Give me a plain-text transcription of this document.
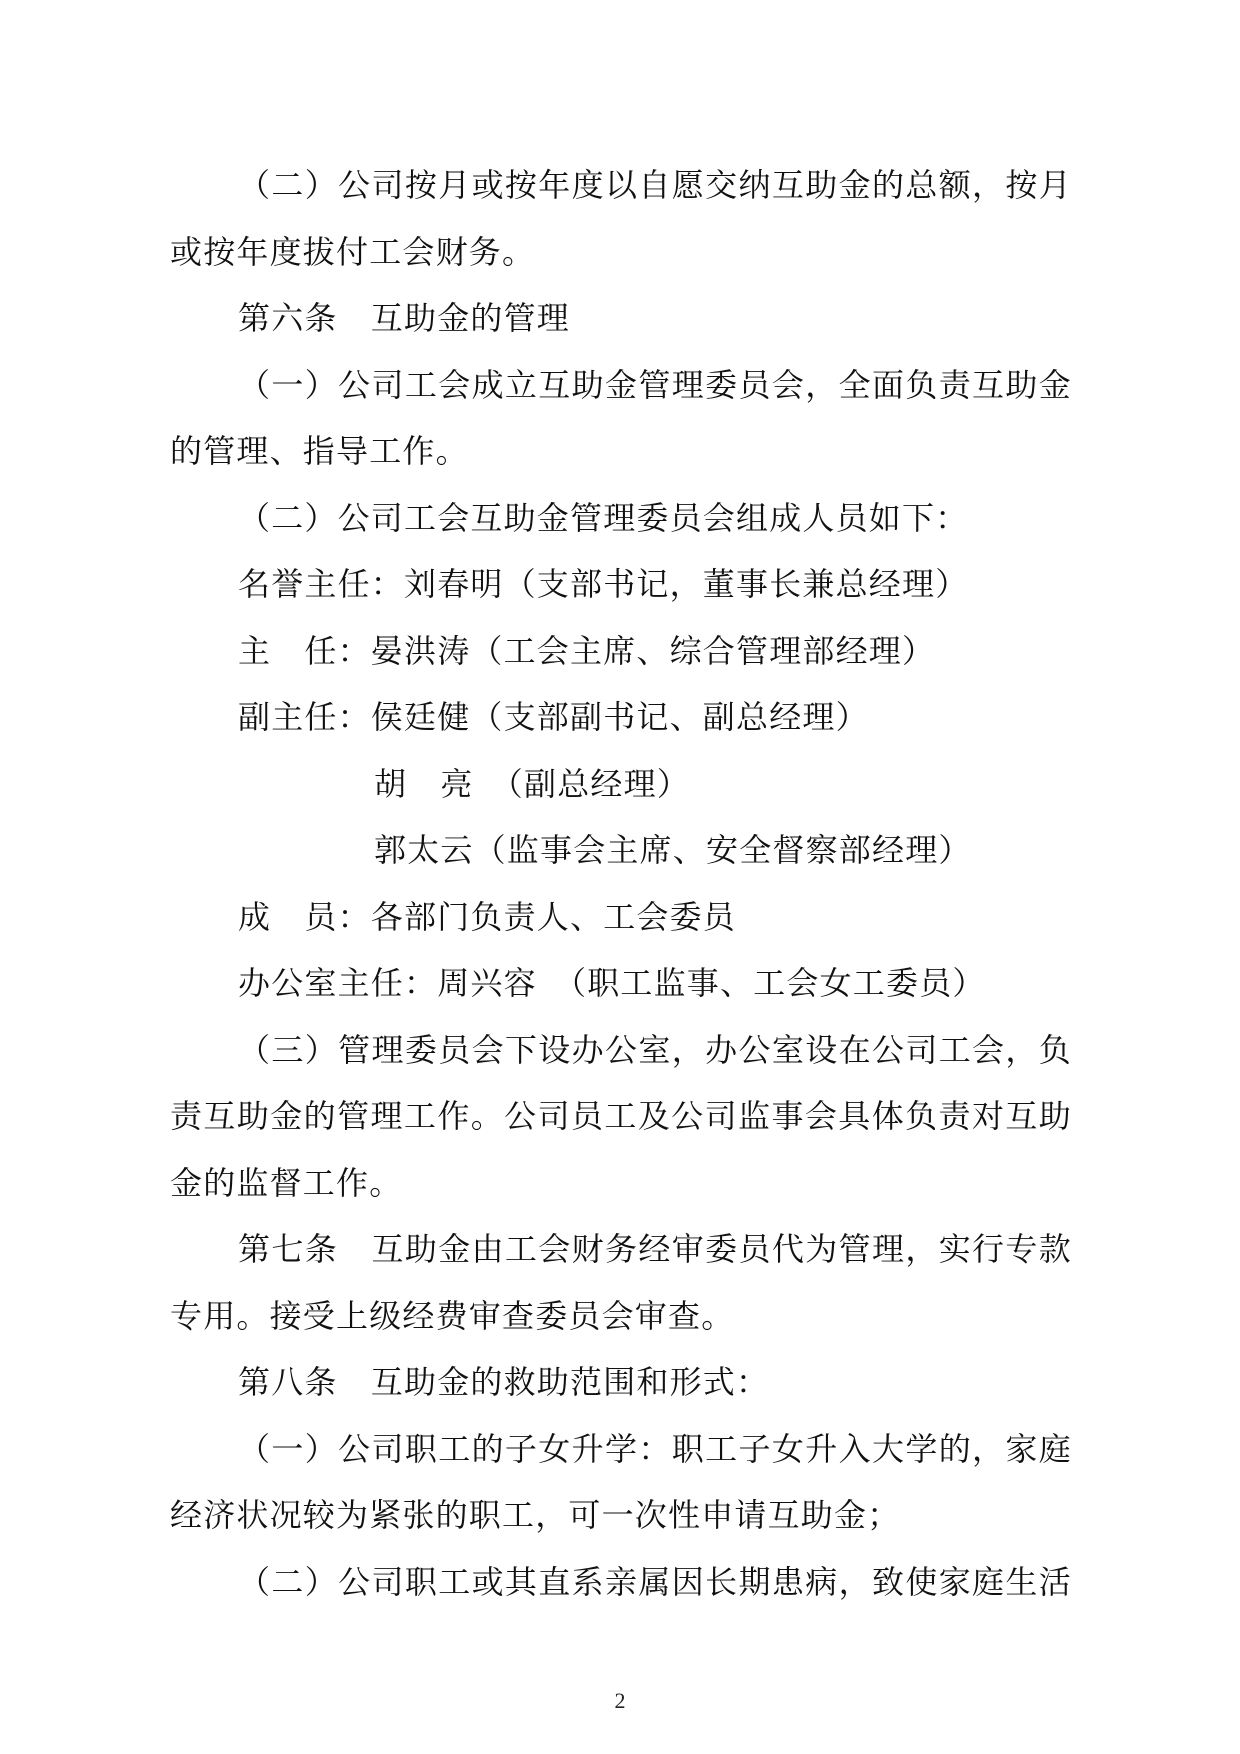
（二）公司按月或按年度以自愿交纳互助金的总额，按月
或按年度拔付工会财务。
第六条　互助金的管理
（一）公司工会成立互助金管理委员会，全面负责互助金
的管理、指导工作。
（二）公司工会互助金管理委员会组成人员如下：
名誉主任：刘春明（支部书记，董事长兼总经理）
主　任：晏洪涛（工会主席、综合管理部经理）
副主任：侯廷健（支部副书记、副总经理）
胡　亮　（副总经理）
郭太云（监事会主席、安全督察部经理）
成　员：各部门负责人、工会委员
办公室主任：周兴容　（职工监事、工会女工委员）
（三）管理委员会下设办公室，办公室设在公司工会，负
责互助金的管理工作。公司员工及公司监事会具体负责对互助
金的监督工作。
第七条　互助金由工会财务经审委员代为管理，实行专款
专用。接受上级经费审查委员会审查。
第八条　互助金的救助范围和形式：
（一）公司职工的子女升学：职工子女升入大学的，家庭
经济状况较为紧张的职工，可一次性申请互助金；
（二）公司职工或其直系亲属因长期患病，致使家庭生活
2
